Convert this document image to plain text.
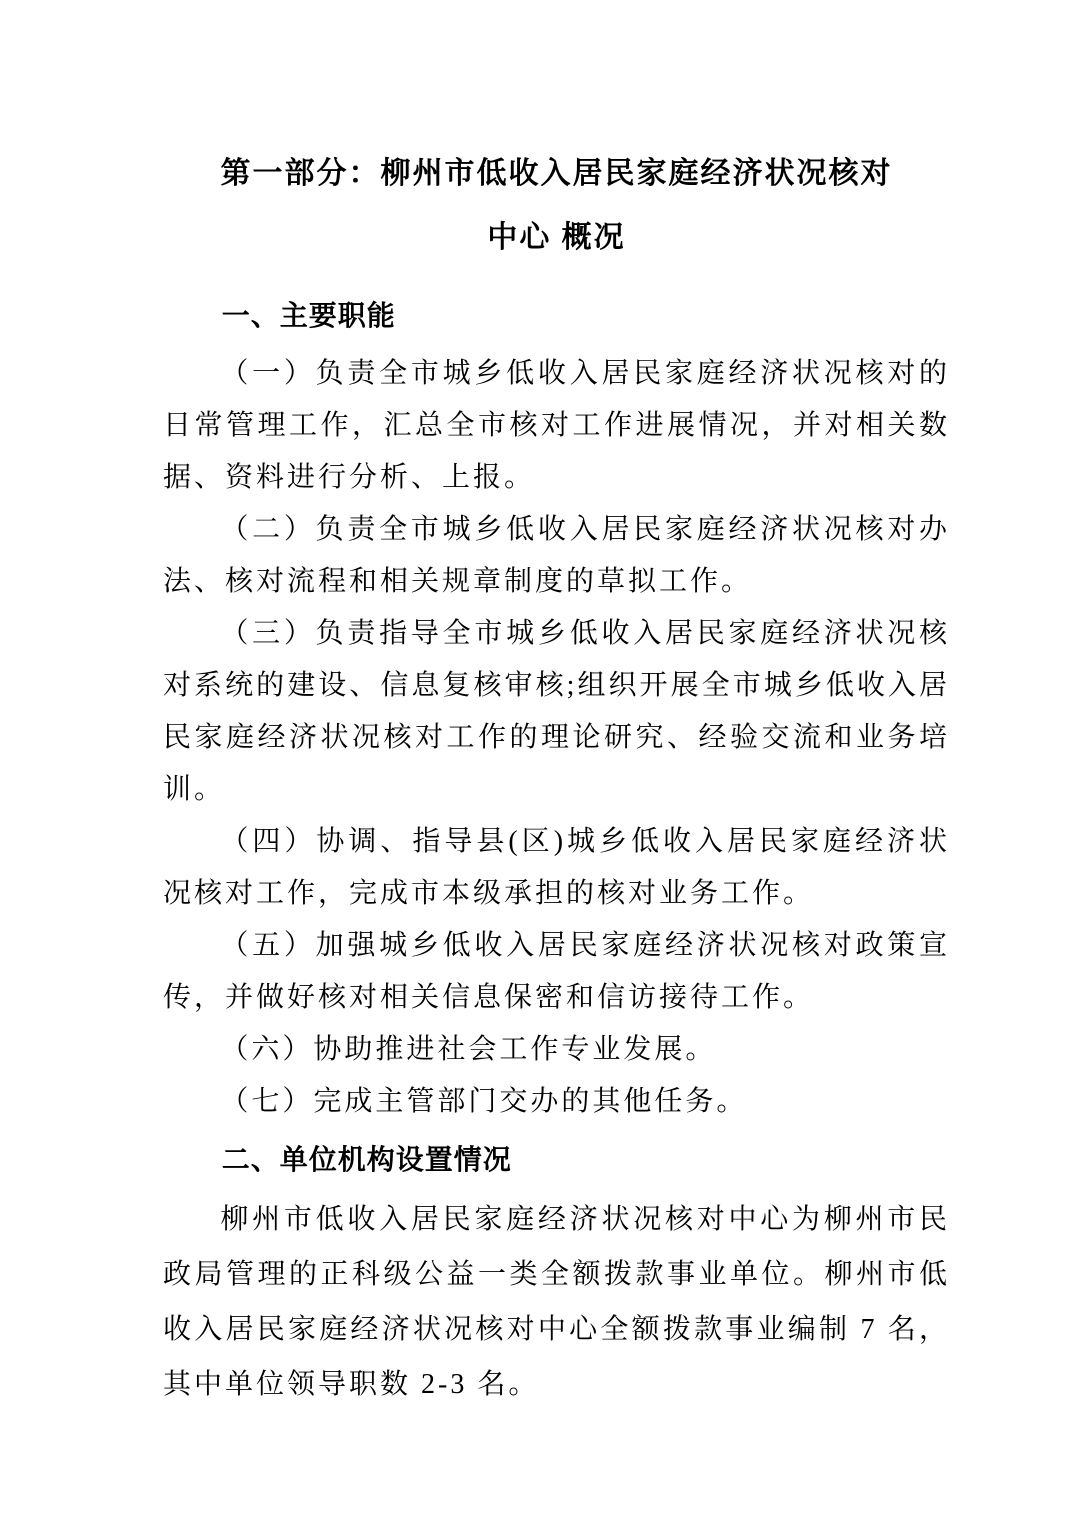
第一部分：柳州市低收入居民家庭经济状况核对
中心 概况
一、主要职能

（一）负责全市城乡低收入居民家庭经济状况核对的日常管理工作，汇总全市核对工作进展情况，并对相关数据、资料进行分析、上报。

（二）负责全市城乡低收入居民家庭经济状况核对办法、核对流程和相关规章制度的草拟工作。

（三）负责指导全市城乡低收入居民家庭经济状况核对系统的建设、信息复核审核;组织开展全市城乡低收入居民家庭经济状况核对工作的理论研究、经验交流和业务培训。

（四）协调、指导县(区)城乡低收入居民家庭经济状况核对工作，完成市本级承担的核对业务工作。

（五）加强城乡低收入居民家庭经济状况核对政策宣传，并做好核对相关信息保密和信访接待工作。

（六）协助推进社会工作专业发展。

（七）完成主管部门交办的其他任务。

二、单位机构设置情况

柳州市低收入居民家庭经济状况核对中心为柳州市民政局管理的正科级公益一类全额拨款事业单位。柳州市低收入居民家庭经济状况核对中心全额拨款事业编制 7 名，其中单位领导职数 2-3 名。
